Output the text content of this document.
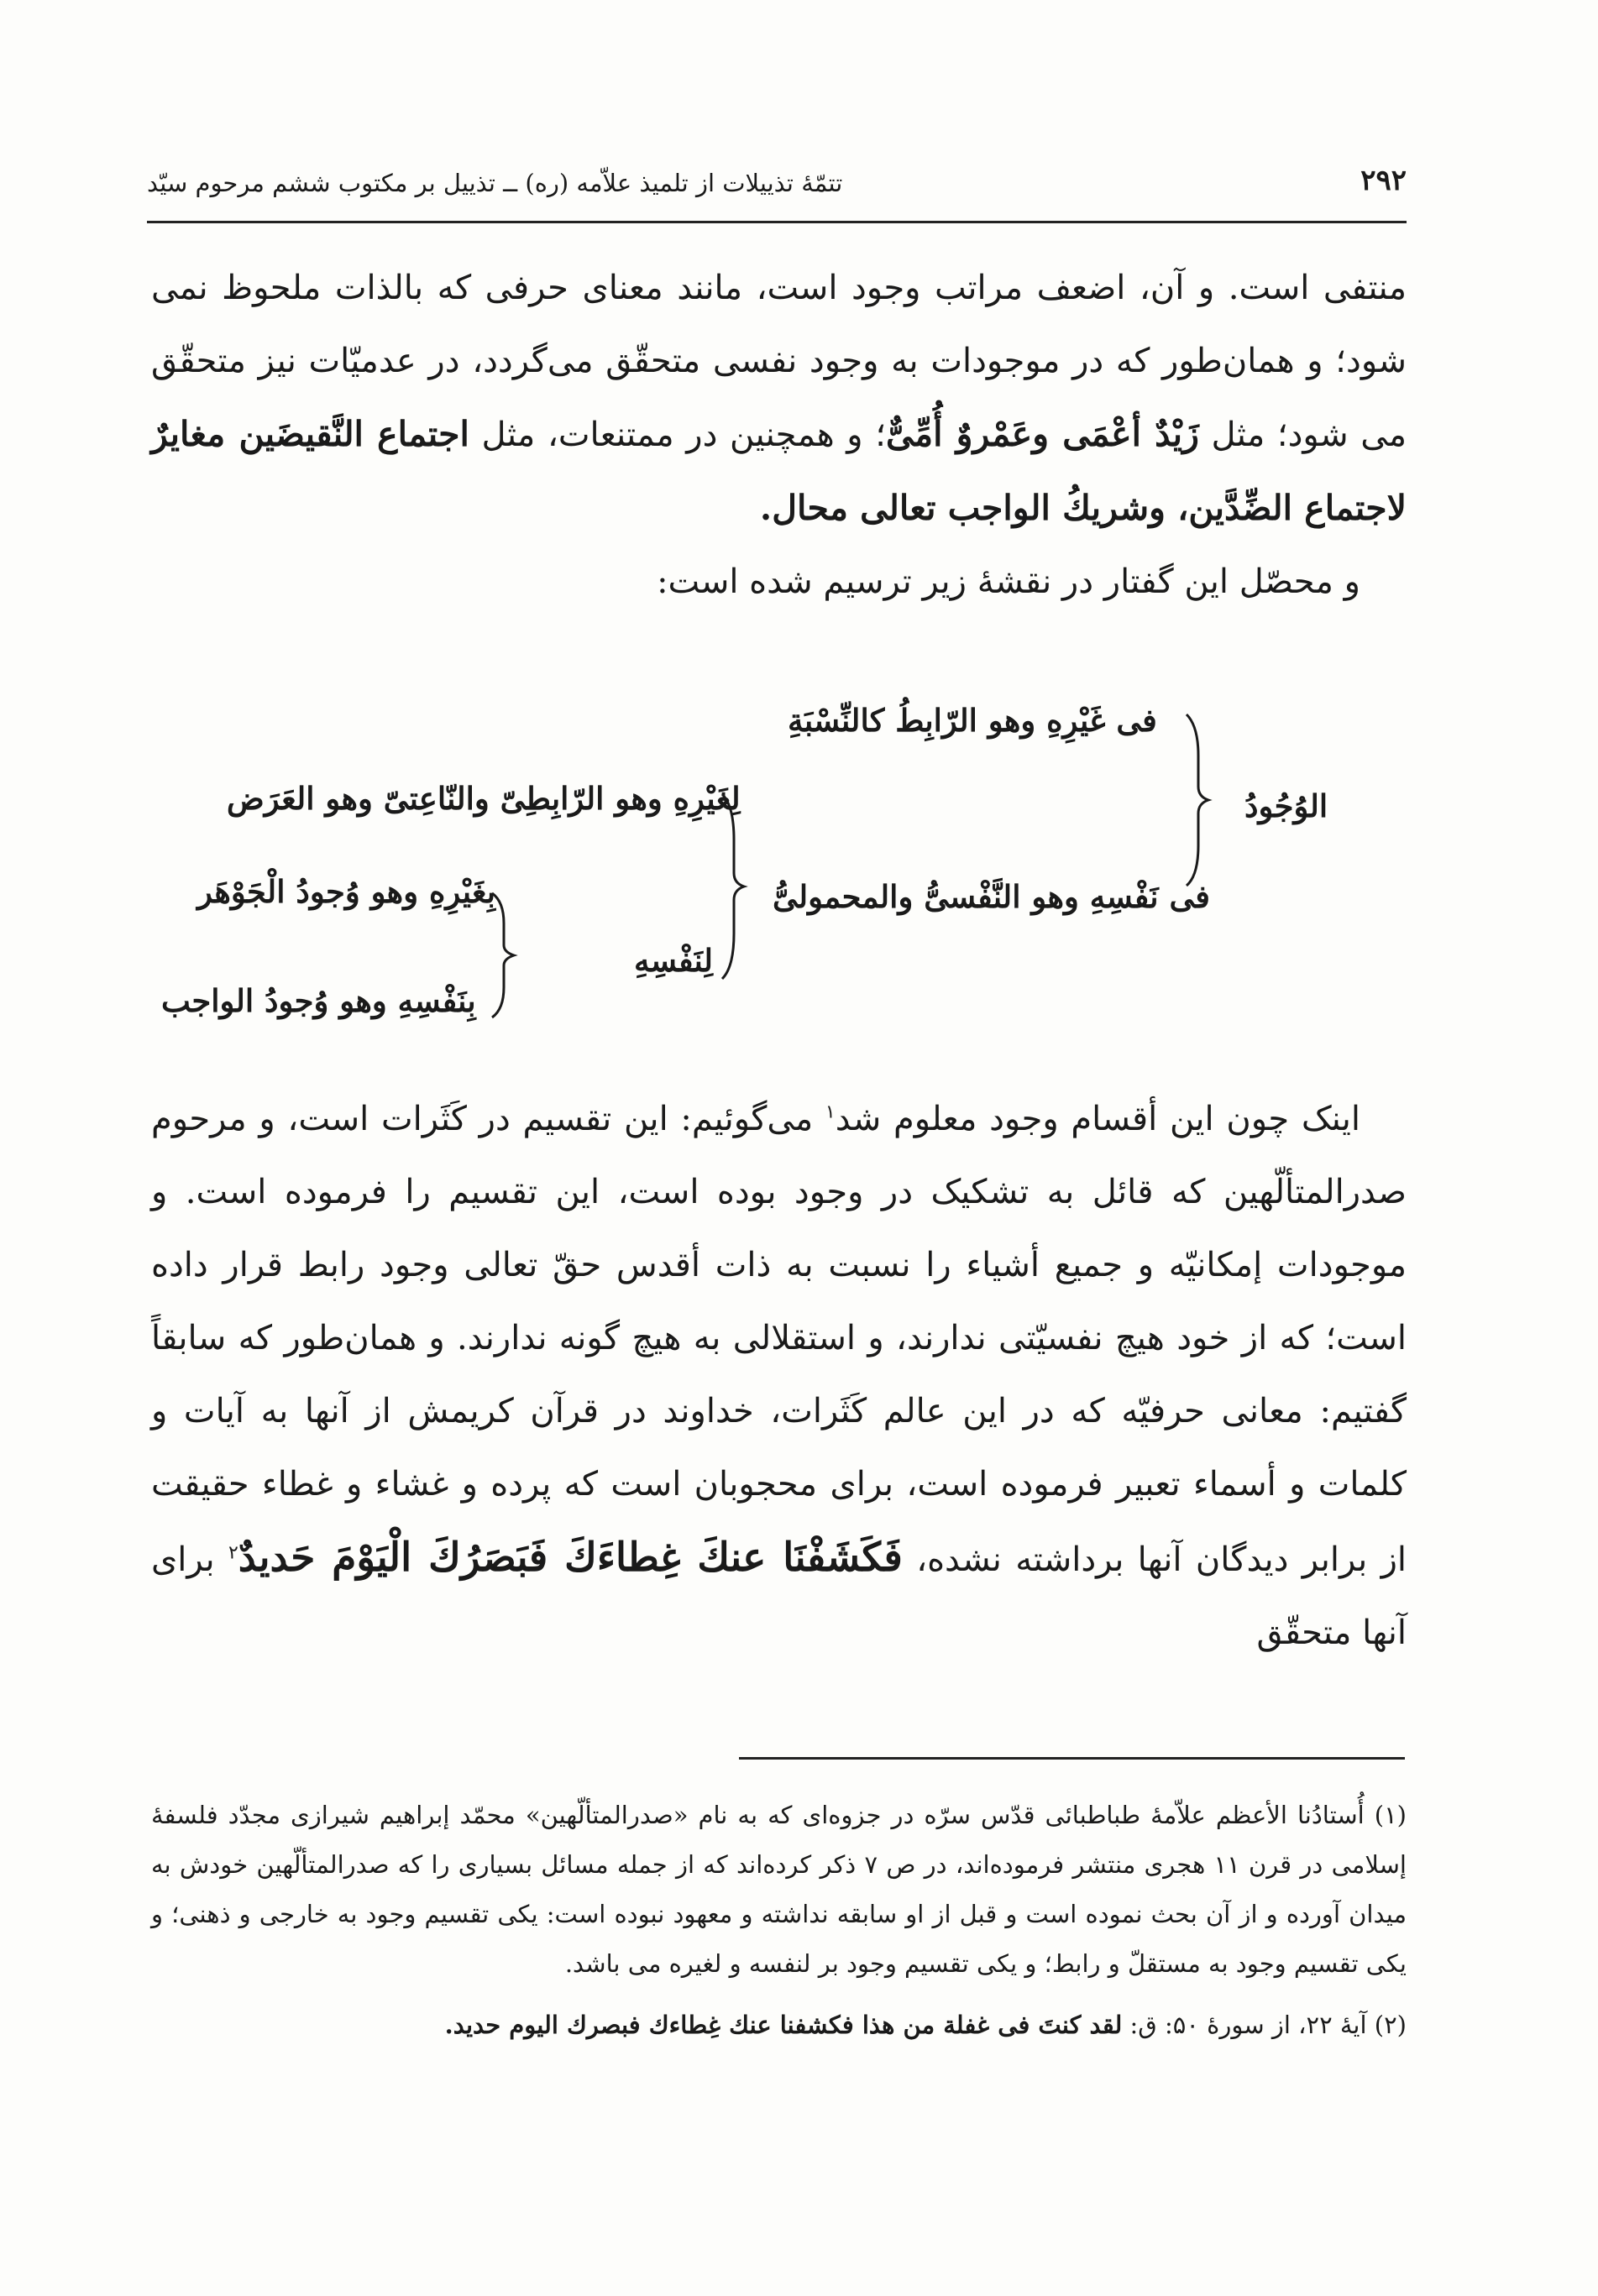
۲۹۲
تتمّهٔ تذییلات از تلمیذ علاّمه (ره) ــ تذییل بر مکتوب ششم مرحوم سیّد
منتفی است. و آن، اضعف مراتب وجود است، مانند معنای حرفی که بالذات ملحوظ نمی شود؛ و همان‌طور که در موجودات به وجود نفسی متحقّق می‌گردد، در عدمیّات نیز متحقّق می شود؛ مثل زَیْدٌ أعْمَی وعَمْروٌ أُمِّیٌّ؛ و همچنین در ممتنعات، مثل اجتماع النَّقیضَین مغایرٌ لاجتماع الضِّدَّین، وشریكُ الواجب تعالی محال.
و محصّل این گفتار در نقشهٔ زیر ترسیم شده است:
الوُجُودُ
فی غَیْرِهِ وهو الرّابِطُ كالنِّسْبَةِ
فی نَفْسِهِ وهو النَّفْسیُّ والمحمولیُّ
لِغَیْرِهِ وهو الرّابِطِیّ والنّاعِتیّ وهو العَرَض
لِنَفْسِهِ
بِغَیْرِهِ وهو وُجودُ الْجَوْهَر
بِنَفْسِهِ وهو وُجودُ الواجب
اینک چون این أقسام وجود معلوم شد$^۱$ می‌گوئیم: این تقسیم در كَثَرات است، و مرحوم صدرالمتألّهین که قائل به تشکیک در وجود بوده است، این تقسیم را فرموده است. و موجودات إمکانیّه و جمیع أشیاء را نسبت به ذات أقدس حقّ تعالی وجود رابط قرار داده است؛ که از خود هیچ نفسیّتی ندارند، و استقلالی به هیچ گونه ندارند. و همان‌طور که سابقاً گفتیم: معانی حرفیّه که در این عالم كَثَرات، خداوند در قرآن کریمش از آنها به آیات و کلمات و أسماء تعبیر فرموده است، برای محجوبان است که پرده و غشاء و غطاء حقیقت از برابر دیدگان آنها برداشته نشده، فَكَشَفْنَا عنكَ غِطاءَكَ فَبَصَرُكَ الْیَوْمَ حَدیدٌ$^۲$ برای آنها متحقّق
(۱) أُستادُنا الأعظم علاّمهٔ طباطبائی قدّس سرّه در جزوه‌ای که به نام «صدرالمتألّهین» محمّد إبراهیم شیرازی مجدّد فلسفهٔ إسلامی در قرن ۱۱ هجری منتشر فرموده‌اند، در ص ۷ ذکر کرده‌اند که از جمله مسائل بسیاری را که صدرالمتألّهین خودش به میدان آورده و از آن بحث نموده است و قبل از او سابقه نداشته و معهود نبوده است: یکی تقسیم وجود به خارجی و ذهنی؛ و یکی تقسیم وجود به مستقلّ و رابط؛ و یکی تقسیم وجود بر لنفسه و لغیره می باشد.
(۲) آیهٔ ۲۲، از سورهٔ ۵۰: ق: لقد كنتَ فی غفلة من هذا فكشفنا عنك غِطاءك فبصرك الیوم حدید.
